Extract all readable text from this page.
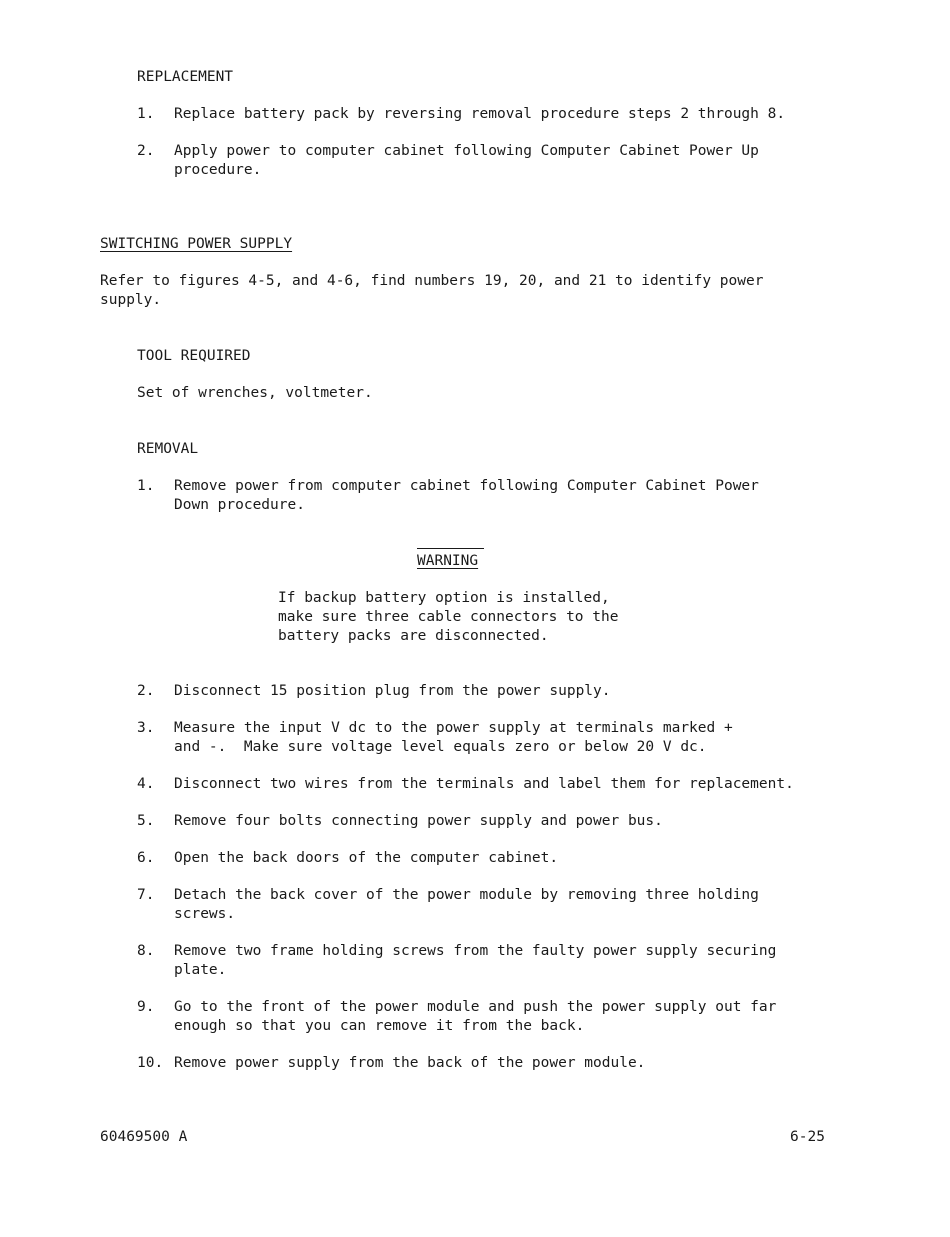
REPLACEMENT
1. Replace battery pack by reversing removal procedure steps 2 through 8.
2. Apply power to computer cabinet following Computer Cabinet Power Up
procedure.
SWITCHING POWER SUPPLY
Refer to figures 4-5, and 4-6, find numbers 19, 20, and 21 to identify power
supply.
TOOL REQUIRED
Set of wrenches, voltmeter.
REMOVAL
1. Remove power from computer cabinet following Computer Cabinet Power
Down procedure.
WARNING
If backup battery option is installed,
make sure three cable connectors to the
battery packs are disconnected.
2. Disconnect 15 position plug from the power supply.
3. Measure the input V dc to the power supply at terminals marked +
and -.  Make sure voltage level equals zero or below 20 V dc.
4. Disconnect two wires from the terminals and label them for replacement.
5. Remove four bolts connecting power supply and power bus.
6. Open the back doors of the computer cabinet.
7. Detach the back cover of the power module by removing three holding
screws.
8. Remove two frame holding screws from the faulty power supply securing
plate.
9. Go to the front of the power module and push the power supply out far
enough so that you can remove it from the back.
10. Remove power supply from the back of the power module.
60469500 A	6-25
